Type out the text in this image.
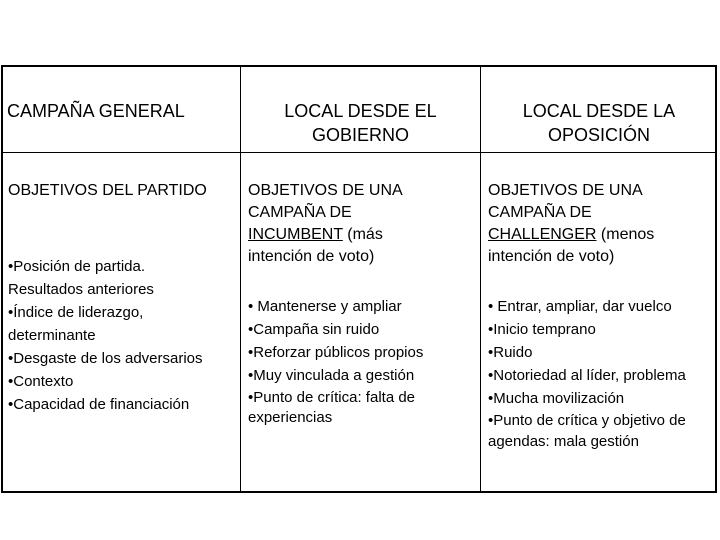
CAMPAÑA GENERAL	LOCAL DESDE EL
GOBIERNO
LOCAL DESDE LA
OPOSICIÓN
OBJETIVOS DEL PARTIDO
•Posición de partida.
Resultados anteriores
•Índice de liderazgo,
determinante
•Desgaste de los adversarios
•Contexto
•Capacidad de financiación
OBJETIVOS DE UNA
CAMPAÑA DE
INCUMBENT (más
intención de voto)
• Mantenerse y ampliar
•Campaña sin ruido
•Reforzar públicos propios
•Muy vinculada a gestión
•Punto de crítica: falta de
experiencias
OBJETIVOS DE UNA
CAMPAÑA DE
CHALLENGER (menos
intención de voto)
• Entrar, ampliar, dar vuelco
•Inicio temprano
•Ruido
•Notoriedad al líder, problema
•Mucha movilización
•Punto de crítica y objetivo de
agendas: mala gestión
